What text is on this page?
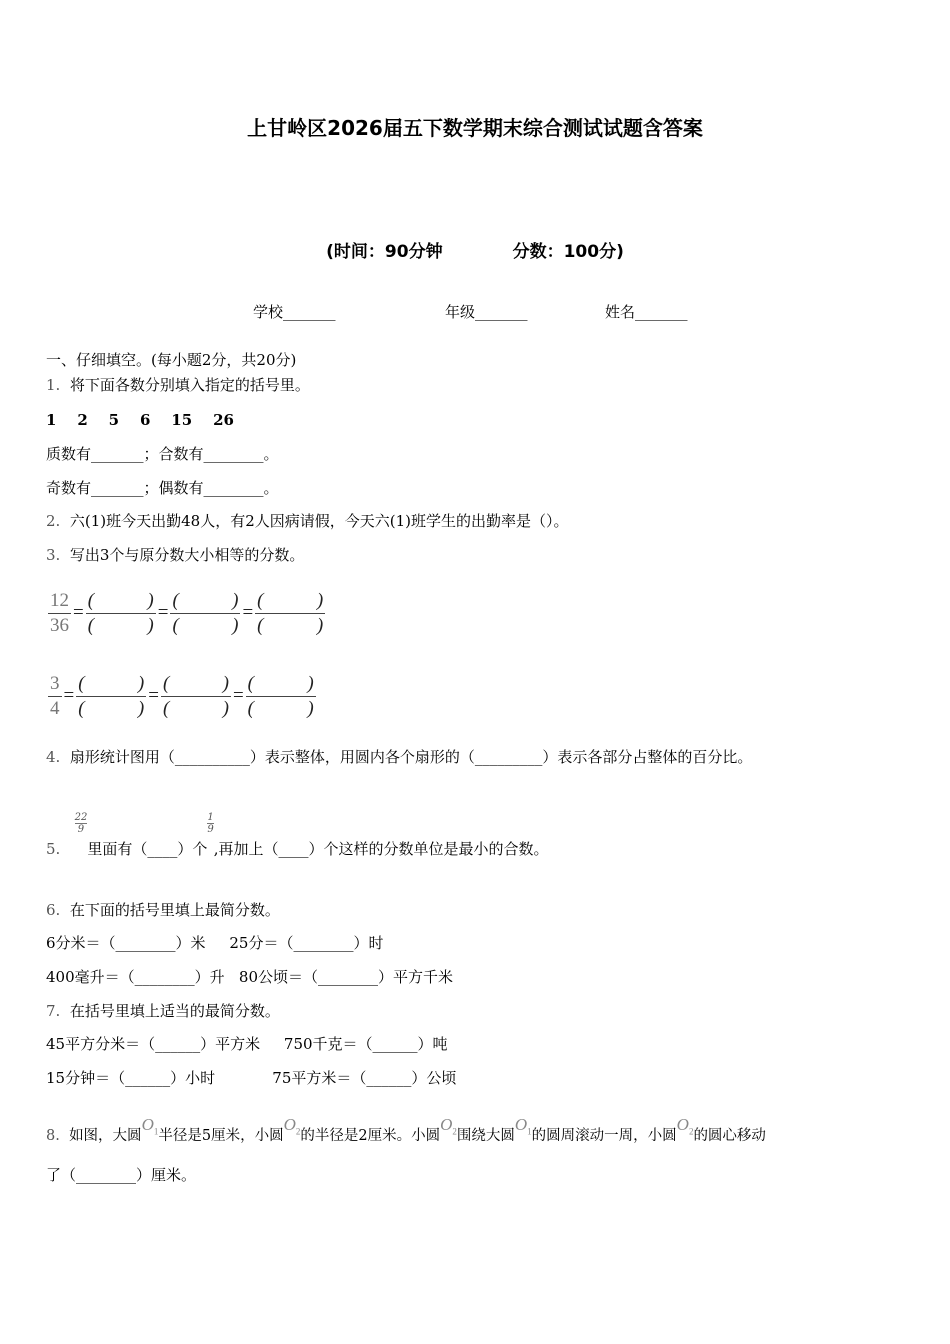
上甘岭区2026届五下数学期末综合测试试题含答案
(时间：90分钟	分数：100分)
学校_______	年级_______	姓名_______
一、仔细填空。(每小题2分，共20分)
1. 将下面各数分别填入指定的括号里。
1    2    5    6    15    26
质数有_______；合数有________。
奇数有_______；偶数有________。
2. 六(1)班今天出勤48人，有2人因病请假，今天六(1)班学生的出勤率是（）。
3. 写出3个与原分数大小相等的分数。
$\frac{12}{36}$ =
(	)
(	)
=
(	)
(	)
=
(	)
(	)
$\frac{3}{4}$ =
(	)
(	)
=
(	)
(	)
=
(	)
(	)
4. 扇形统计图用（__________）表示整体，用圆内各个扇形的（_________）表示各部分占整体的百分比。
5.
$\frac{22}{9}$里面有（____）个
$\frac{1}{9}$,再加上（____）个这样的分数单位是最小的合数。
6. 在下面的括号里填上最简分数。
6分米＝（________）米     25分＝（________）时
400毫升＝（________）升   80公顷＝（________）平方千米
7. 在括号里填上适当的最简分数。
45平方分米＝（______）平方米     750千克＝（______）吨
15分钟＝（______）小时            75平方米＝（______）公顷
8. 如图，大圆$O_1$半径是5厘米，小圆$O_2$的半径是2厘米。小圆$O_2$围绕大圆$O_1$的圆周滚动一周，小圆$O_2$的圆心移动
了（________）厘米。
